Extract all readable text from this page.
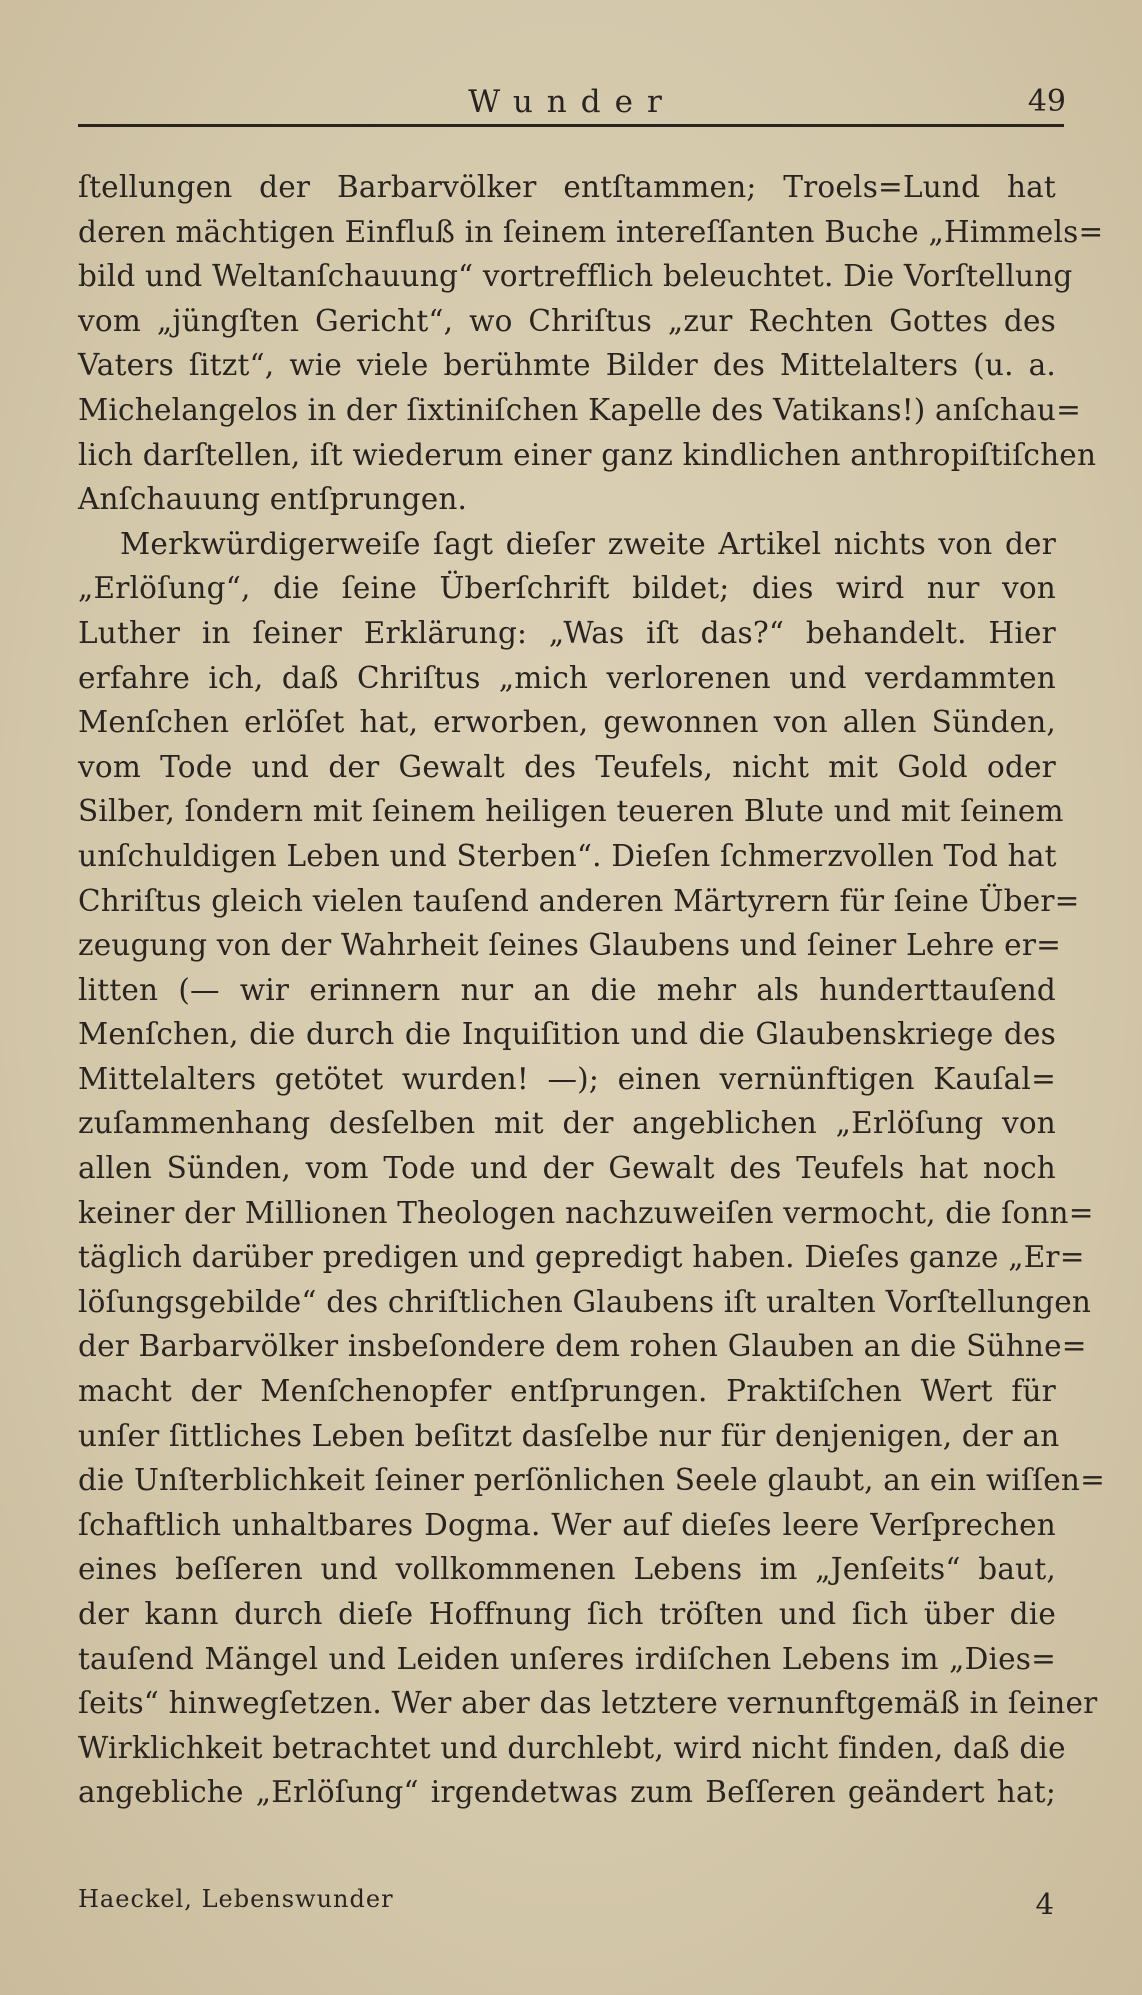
Wunder	49
ſtellungen der Barbarvölker entſtammen; Troels=Lund hat
deren mächtigen Einfluß in ſeinem intereſſanten Buche „Himmels=
bild und Weltanſchauung“ vortrefflich beleuchtet. Die Vorſtellung
vom „jüngſten Gericht“, wo Chriſtus „zur Rechten Gottes des
Vaters ſitzt“, wie viele berühmte Bilder des Mittelalters (u. a.
Michelangelos in der ſixtiniſchen Kapelle des Vatikans!) anſchau=
lich darſtellen, iſt wiederum einer ganz kindlichen anthropiſtiſchen
Anſchauung entſprungen.
Merkwürdigerweiſe ſagt dieſer zweite Artikel nichts von der
„Erlöſung“, die ſeine Überſchrift bildet; dies wird nur von
Luther in ſeiner Erklärung: „Was iſt das?“ behandelt. Hier
erfahre ich, daß Chriſtus „mich verlorenen und verdammten
Menſchen erlöſet hat, erworben, gewonnen von allen Sünden,
vom Tode und der Gewalt des Teufels, nicht mit Gold oder
Silber, ſondern mit ſeinem heiligen teueren Blute und mit ſeinem
unſchuldigen Leben und Sterben“. Dieſen ſchmerzvollen Tod hat
Chriſtus gleich vielen tauſend anderen Märtyrern für ſeine Über=
zeugung von der Wahrheit ſeines Glaubens und ſeiner Lehre er=
litten (— wir erinnern nur an die mehr als hunderttauſend
Menſchen, die durch die Inquiſition und die Glaubenskriege des
Mittelalters getötet wurden! —); einen vernünftigen Kauſal=
zuſammenhang desſelben mit der angeblichen „Erlöſung von
allen Sünden, vom Tode und der Gewalt des Teufels hat noch
keiner der Millionen Theologen nachzuweiſen vermocht, die ſonn=
täglich darüber predigen und gepredigt haben. Dieſes ganze „Er=
löſungsgebilde“ des chriſtlichen Glaubens iſt uralten Vorſtellungen
der Barbarvölker insbeſondere dem rohen Glauben an die Sühne=
macht der Menſchenopfer entſprungen. Praktiſchen Wert für
unſer ſittliches Leben beſitzt dasſelbe nur für denjenigen, der an
die Unſterblichkeit ſeiner perſönlichen Seele glaubt, an ein wiſſen=
ſchaftlich unhaltbares Dogma. Wer auf dieſes leere Verſprechen
eines beſſeren und vollkommenen Lebens im „Jenſeits“ baut,
der kann durch dieſe Hoffnung ſich tröſten und ſich über die
tauſend Mängel und Leiden unſeres irdiſchen Lebens im „Dies=
ſeits“ hinwegſetzen. Wer aber das letztere vernunftgemäß in ſeiner
Wirklichkeit betrachtet und durchlebt, wird nicht finden, daß die
angebliche „Erlöſung“ irgendetwas zum Beſſeren geändert hat;
Haeckel, Lebenswunder	4
